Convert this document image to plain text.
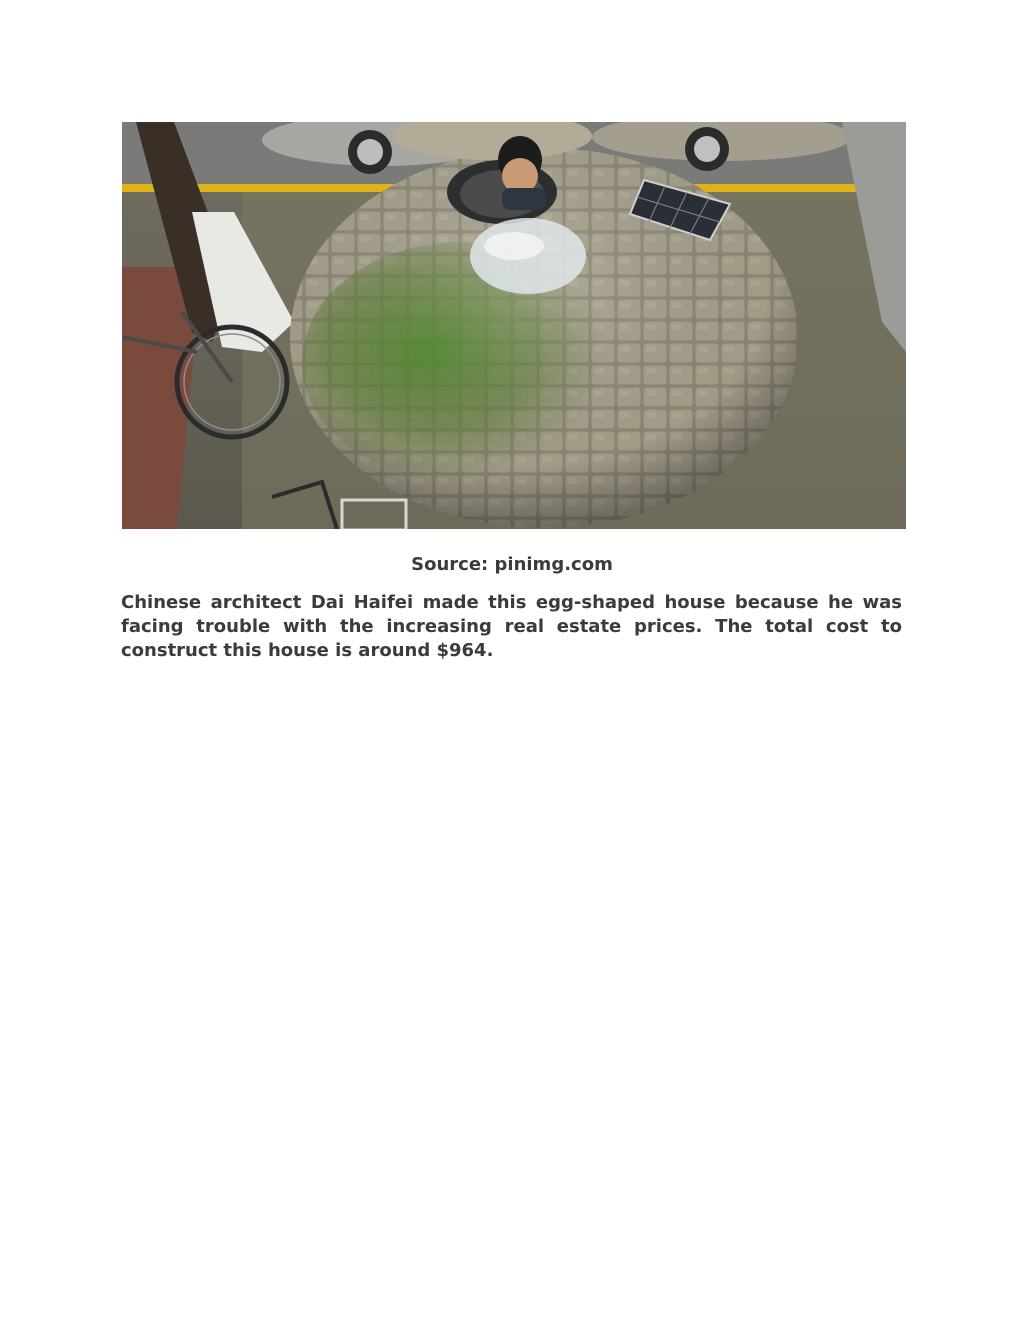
Source: pinimg.com

Chinese architect Dai Haifei made this egg-shaped house because he was facing trouble with the increasing real estate prices. The total cost to construct this house is around $964.
